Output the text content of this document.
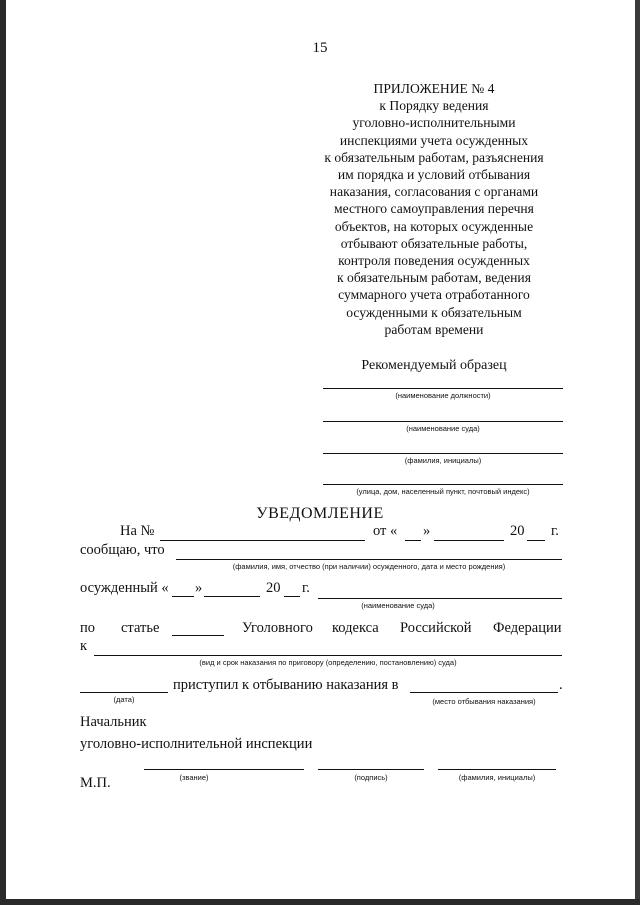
15
ПРИЛОЖЕНИЕ № 4
к Порядку ведения
уголовно-исполнительными
инспекциями учета осужденных
к обязательным работам, разъяснения
им порядка и условий отбывания
наказания, согласования с органами
местного самоуправления перечня
объектов, на которых осужденные
отбывают обязательные работы,
контроля поведения осужденных
к обязательным работам, ведения
суммарного учета отработанного
осужденными к обязательным
работам времени
Рекомендуемый образец
(наименование должности)
(наименование суда)
(фамилия, инициалы)
(улица, дом, населенный пункт, почтовый индекс)
УВЕДОМЛЕНИЕ
На №	от « »	20 г.
сообщаю, что
(фамилия, имя, отчество (при наличии) осужденного, дата и место рождения)
осужденный « »	20 г.
(наименование суда)
по статье	Уголовного кодекса Российской Федерации
к
(вид и срок наказания по приговору (определению, постановлению) суда)
(дата)
приступил к отбыванию наказания в	.
(место отбывания наказания)
Начальник
уголовно-исполнительной инспекции
М.П.	(звание)	(подпись)	(фамилия, инициалы)
